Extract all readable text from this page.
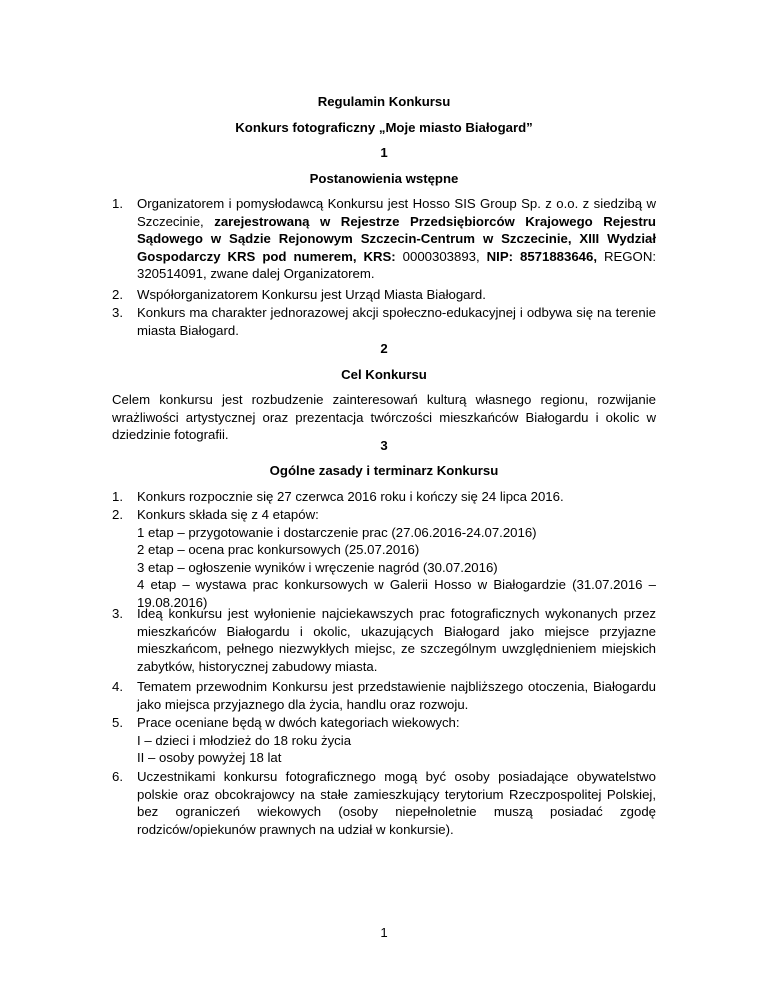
Regulamin Konkursu
Konkurs fotograficzny „Moje miasto Białogard”
1
Postanowienia wstępne
1.	Organizatorem i pomysłodawcą Konkursu jest Hosso SIS Group Sp. z o.o. z siedzibą w Szczecinie, zarejestrowaną w Rejestrze Przedsiębiorców Krajowego Rejestru Sądowego w Sądzie Rejonowym Szczecin-Centrum w Szczecinie, XIII Wydział Gospodarczy KRS pod numerem, KRS: 0000303893, NIP: 8571883646, REGON: 320514091, zwane dalej Organizatorem.
2.	Współorganizatorem Konkursu jest Urząd Miasta Białogard.
3.	Konkurs ma charakter jednorazowej akcji społeczno-edukacyjnej i odbywa się na terenie miasta Białogard.
2
Cel Konkursu
Celem konkursu jest rozbudzenie zainteresowań kulturą własnego regionu, rozwijanie wrażliwości artystycznej oraz prezentacja twórczości mieszkańców Białogardu i okolic w dziedzinie fotografii.
3
Ogólne zasady i terminarz Konkursu
1.	Konkurs rozpocznie się 27 czerwca 2016 roku i kończy się 24 lipca 2016.
2.	Konkurs składa się z 4 etapów:
1 etap – przygotowanie i dostarczenie prac (27.06.2016-24.07.2016)
2 etap – ocena prac konkursowych (25.07.2016)
3 etap – ogłoszenie wyników i wręczenie nagród (30.07.2016)
4 etap – wystawa prac konkursowych w Galerii Hosso w Białogardzie (31.07.2016 – 19.08.2016)
3.	Ideą konkursu jest wyłonienie najciekawszych prac fotograficznych wykonanych przez mieszkańców Białogardu i okolic, ukazujących Białogard jako miejsce przyjazne mieszkańcom, pełnego niezwykłych miejsc, ze szczególnym uwzględnieniem miejskich zabytków, historycznej zabudowy miasta.
4.	Tematem przewodnim Konkursu jest przedstawienie najbliższego otoczenia, Białogardu jako miejsca przyjaznego dla życia, handlu oraz rozwoju.
5.	Prace oceniane będą w dwóch kategoriach wiekowych:
I – dzieci i młodzież do 18 roku życia
II – osoby powyżej 18 lat
6.	Uczestnikami konkursu fotograficznego mogą być osoby posiadające obywatelstwo polskie oraz obcokrajowcy na stałe zamieszkujący terytorium Rzeczpospolitej Polskiej, bez ograniczeń wiekowych (osoby niepełnoletnie muszą posiadać zgodę rodziców/opiekunów prawnych na udział w konkursie).
1
